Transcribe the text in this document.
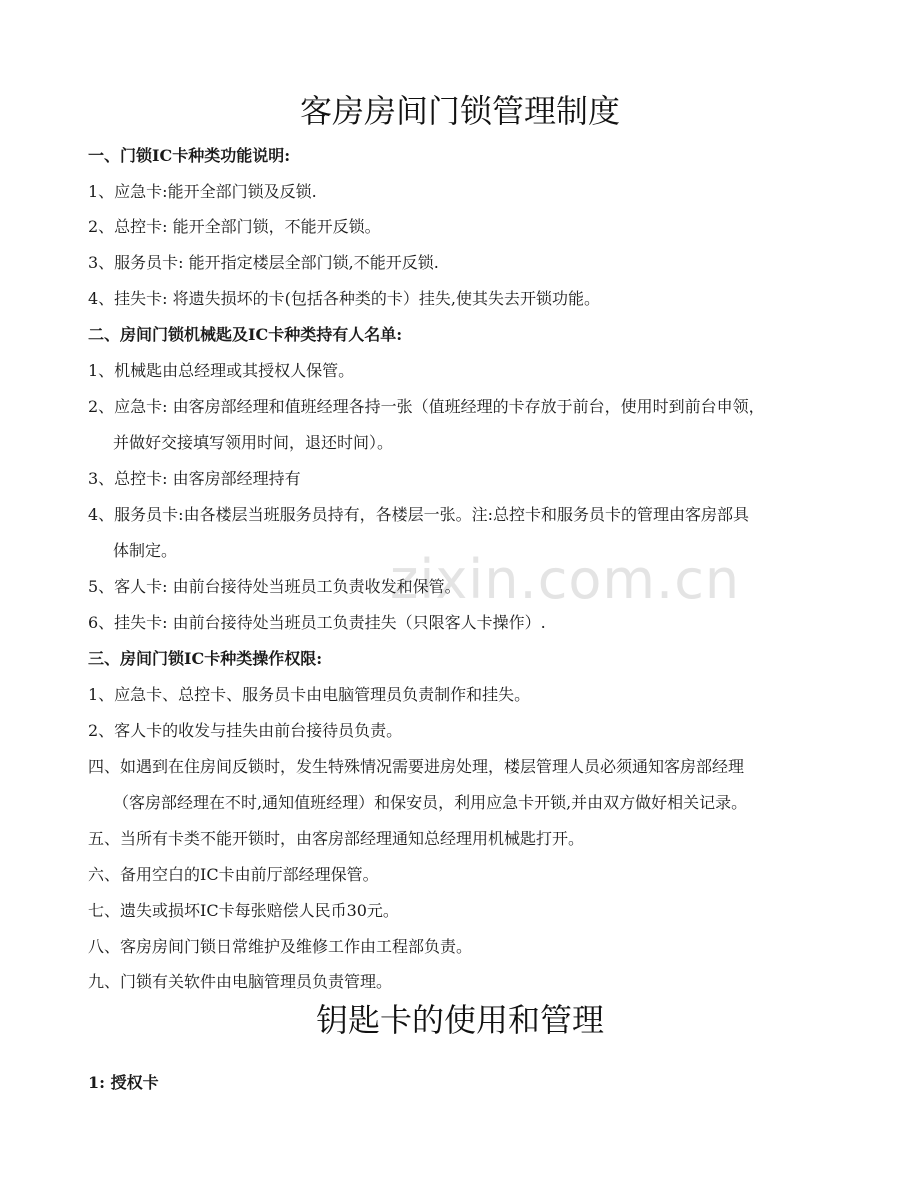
zixin.com.cn
客房房间门锁管理制度
一、门锁IC卡种类功能说明:
1、应急卡:能开全部门锁及反锁.
2、总控卡: 能开全部门锁，不能开反锁。
3、服务员卡: 能开指定楼层全部门锁,不能开反锁.
4、挂失卡: 将遗失损坏的卡(包括各种类的卡）挂失,使其失去开锁功能。
二、房间门锁机械匙及IC卡种类持有人名单:
1、机械匙由总经理或其授权人保管。
2、应急卡: 由客房部经理和值班经理各持一张（值班经理的卡存放于前台，使用时到前台申领，
并做好交接填写领用时间，退还时间）。
3、总控卡: 由客房部经理持有
4、服务员卡:由各楼层当班服务员持有，各楼层一张。注:总控卡和服务员卡的管理由客房部具
体制定。
5、客人卡: 由前台接待处当班员工负责收发和保管。
6、挂失卡: 由前台接待处当班员工负责挂失（只限客人卡操作）.
三、房间门锁IC卡种类操作权限:
1、应急卡、总控卡、服务员卡由电脑管理员负责制作和挂失。
2、客人卡的收发与挂失由前台接待员负责。
四、如遇到在住房间反锁时，发生特殊情况需要进房处理，楼层管理人员必须通知客房部经理
（客房部经理在不时,通知值班经理）和保安员，利用应急卡开锁,并由双方做好相关记录。
五、当所有卡类不能开锁时，由客房部经理通知总经理用机械匙打开。
六、备用空白的IC卡由前厅部经理保管。
七、遗失或损坏IC卡每张赔偿人民币30元。
八、客房房间门锁日常维护及维修工作由工程部负责。
九、门锁有关软件由电脑管理员负责管理。
钥匙卡的使用和管理
1: 授权卡
